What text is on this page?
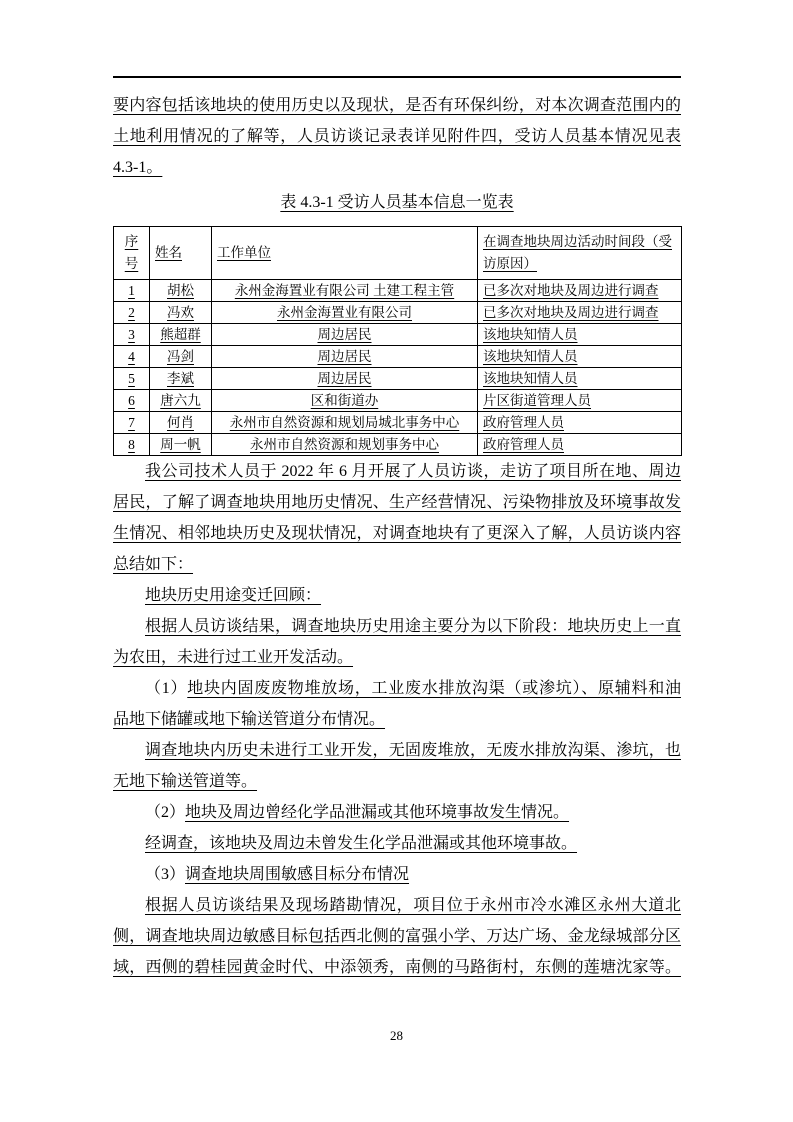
要内容包括该地块的使用历史以及现状，是否有环保纠纷，对本次调查范围内的
土地利用情况的了解等，人员访谈记录表详见附件四，受访人员基本情况见表
4.3-1。
表 4.3-1 受访人员基本信息一览表
序号	姓名	工作单位	在调查地块周边活动时间段（受访原因）
1	胡松	永州金海置业有限公司 土建工程主管	已多次对地块及周边进行调查
2	冯欢	永州金海置业有限公司	已多次对地块及周边进行调查
3	熊超群	周边居民	该地块知情人员
4	冯剑	周边居民	该地块知情人员
5	李斌	周边居民	该地块知情人员
6	唐六九	区和街道办	片区街道管理人员
7	何肖	永州市自然资源和规划局城北事务中心	政府管理人员
8	周一帆	永州市自然资源和规划事务中心	政府管理人员
我公司技术人员于 2022 年 6 月开展了人员访谈，走访了项目所在地、周边
居民，了解了调查地块用地历史情况、生产经营情况、污染物排放及环境事故发
生情况、相邻地块历史及现状情况，对调查地块有了更深入了解，人员访谈内容
总结如下：
地块历史用途变迁回顾：
根据人员访谈结果，调查地块历史用途主要分为以下阶段：地块历史上一直
为农田，未进行过工业开发活动。
（1）地块内固废废物堆放场，工业废水排放沟渠（或渗坑）、原辅料和油
品地下储罐或地下输送管道分布情况。
调查地块内历史未进行工业开发，无固废堆放，无废水排放沟渠、渗坑，也
无地下输送管道等。
（2）地块及周边曾经化学品泄漏或其他环境事故发生情况。
经调查，该地块及周边未曾发生化学品泄漏或其他环境事故。
（3）调查地块周围敏感目标分布情况
根据人员访谈结果及现场踏勘情况，项目位于永州市冷水滩区永州大道北
侧，调查地块周边敏感目标包括西北侧的富强小学、万达广场、金龙绿城部分区
域，西侧的碧桂园黄金时代、中添领秀，南侧的马路街村，东侧的莲塘沈家等。
28
